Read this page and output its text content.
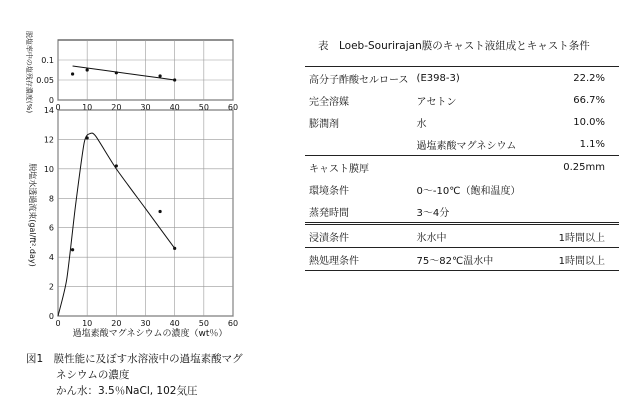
0
0.05
0.1
0	10 20 30 40 50 60
脱塩率中の塩残存濃度(%)
0
2
4
6
8
10
12
14
0	10 20 30 40 50 60
脱塩水透過流束(gal/ft².day)
過塩素酸マグネシウムの濃度（wt％）
図1　膜性能に及ぼす水溶液中の過塩素酸マグ
ネシウムの濃度
かん水：3.5％NaCl, 102気圧
表　Loeb-Sourirajan膜のキャスト液組成とキャスト条件
高分子酢酸セルロース	(E398-3)	22.2%
完全溶媒	アセトン	66.7%
膨潤剤	水	10.0%
	過塩素酸マグネシウム	1.1%
キャスト膜厚		0.25mm
環境条件	0〜-10℃（飽和温度）	
蒸発時間	3〜4分	
浸漬条件	氷水中	1時間以上
熱処理条件	75〜82℃温水中	1時間以上
